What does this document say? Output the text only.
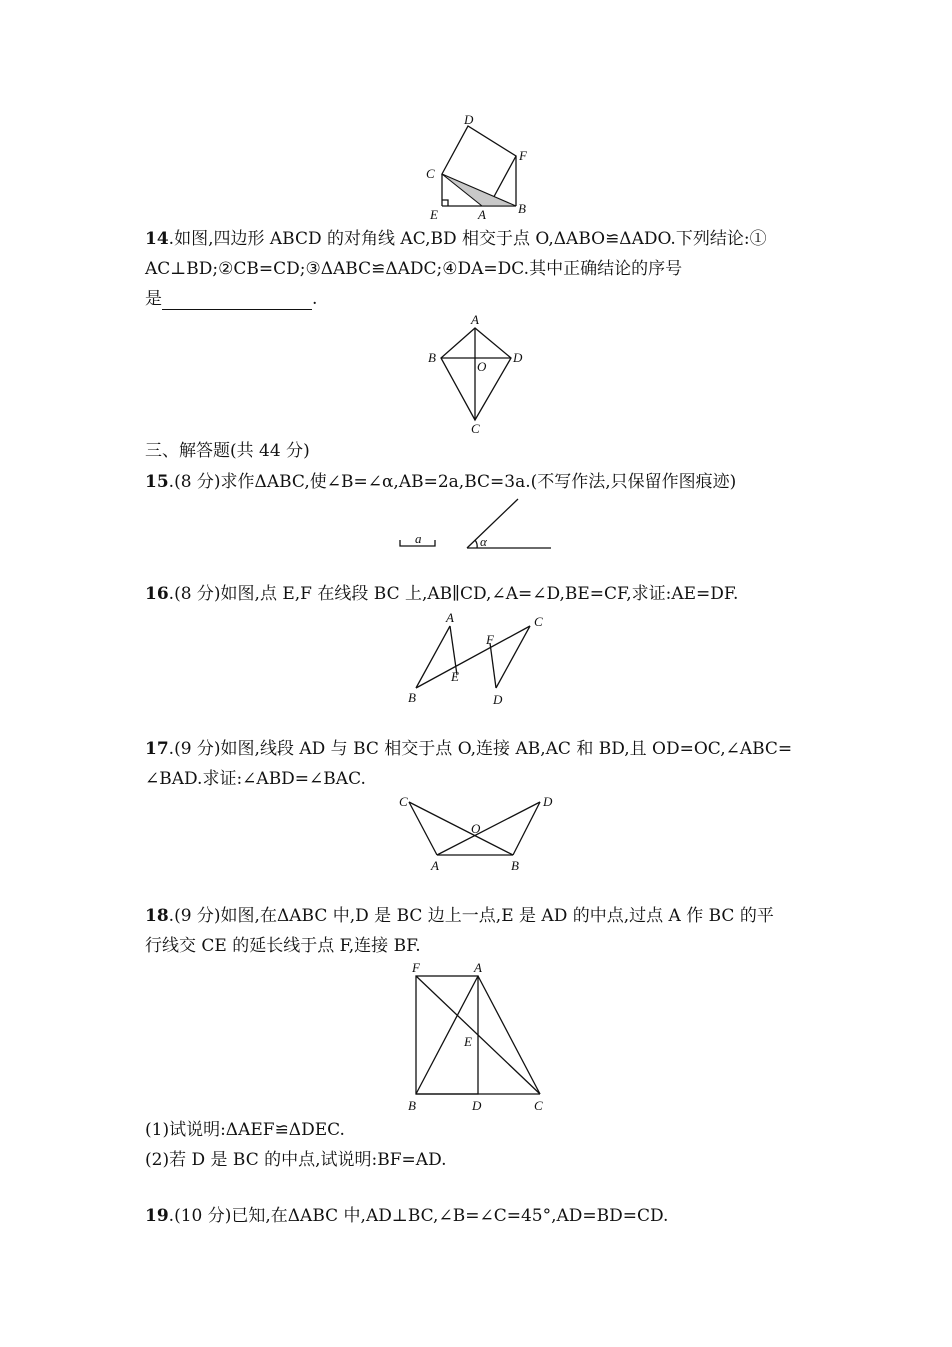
D
F
C
E	A B
14.如图,四边形 ABCD 的对角线 AC,BD 相交于点 O,ΔABO≌ΔADO.下列结论:①
AC⊥BD;②CB=CD;③ΔABC≌ΔADC;④DA=DC.其中正确结论的序号
是	.
A
B	D
O
C
三、解答题(共 44 分)
15.(8 分)求作ΔABC,使∠B=∠α,AB=2a,BC=3a.(不写作法,只保留作图痕迹)
a	α
16.(8 分)如图,点 E,F 在线段 BC 上,AB∥CD,∠A=∠D,BE=CF,求证:AE=DF.
A	C
F
E
B	D
17.(9 分)如图,线段 AD 与 BC 相交于点 O,连接 AB,AC 和 BD,且 OD=OC,∠ABC=
∠BAD.求证:∠ABD=∠BAC.
C	D
O
A	B
18.(9 分)如图,在ΔABC 中,D 是 BC 边上一点,E 是 AD 的中点,过点 A 作 BC 的平
行线交 CE 的延长线于点 F,连接 BF.
F	A
E
B	D	C
(1)试说明:ΔAEF≌ΔDEC.
(2)若 D 是 BC 的中点,试说明:BF=AD.
19.(10 分)已知,在ΔABC 中,AD⊥BC,∠B=∠C=45°,AD=BD=CD.
